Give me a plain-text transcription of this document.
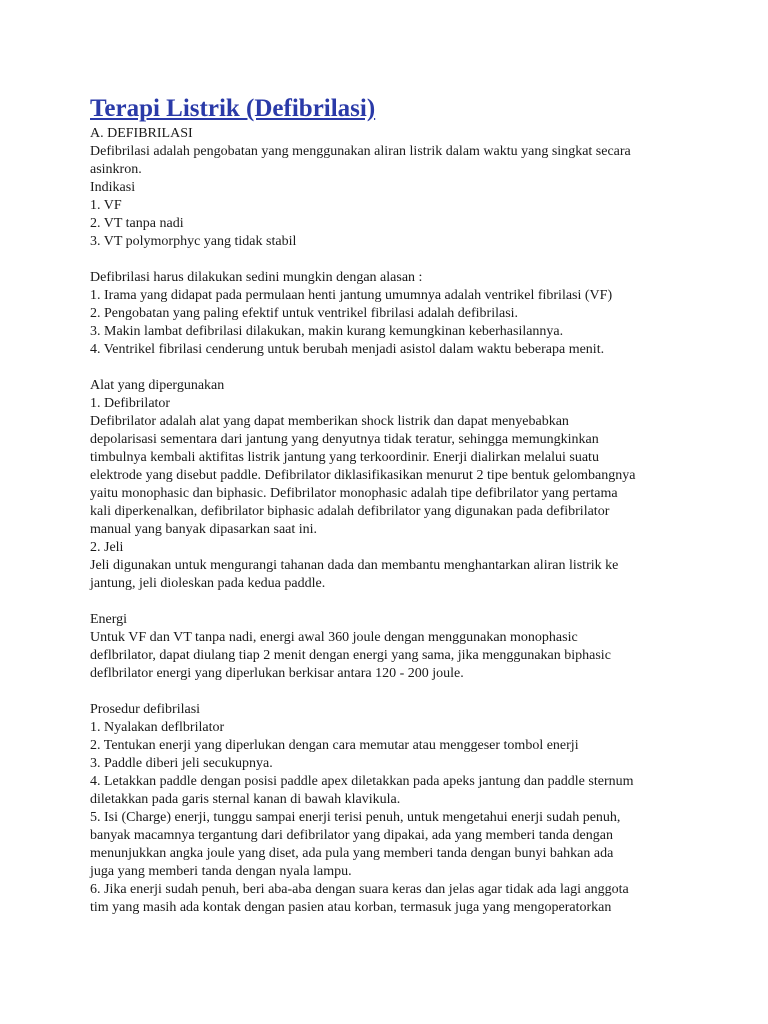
Terapi Listrik (Defibrilasi)
A. DEFIBRILASI
Defibrilasi adalah pengobatan yang menggunakan aliran listrik dalam waktu yang singkat secara
asinkron.
Indikasi
1. VF
2. VT tanpa nadi
3. VT polymorphyc yang tidak stabil
Defibrilasi harus dilakukan sedini mungkin dengan alasan :
1. Irama yang didapat pada permulaan henti jantung umumnya adalah ventrikel fibrilasi (VF)
2. Pengobatan yang paling efektif untuk ventrikel fibrilasi adalah defibrilasi.
3. Makin lambat defibrilasi dilakukan, makin kurang kemungkinan keberhasilannya.
4. Ventrikel fibrilasi cenderung untuk berubah menjadi asistol dalam waktu beberapa menit.
Alat yang dipergunakan
1. Defibrilator
Defibrilator adalah alat yang dapat memberikan shock listrik dan dapat menyebabkan
depolarisasi sementara dari jantung yang denyutnya tidak teratur, sehingga memungkinkan
timbulnya kembali aktifitas listrik jantung yang terkoordinir. Enerji dialirkan melalui suatu
elektrode yang disebut paddle. Defibrilator diklasifikasikan menurut 2 tipe bentuk gelombangnya
yaitu monophasic dan biphasic. Defibrilator monophasic adalah tipe defibrilator yang pertama
kali diperkenalkan, defibrilator biphasic adalah defibrilator yang digunakan pada defibrilator
manual yang banyak dipasarkan saat ini.
2. Jeli
Jeli digunakan untuk mengurangi tahanan dada dan membantu menghantarkan aliran listrik ke
jantung, jeli dioleskan pada kedua paddle.
Energi
Untuk VF dan VT tanpa nadi, energi awal 360 joule dengan menggunakan monophasic
deflbrilator, dapat diulang tiap 2 menit dengan energi yang sama, jika menggunakan biphasic
deflbrilator energi yang diperlukan berkisar antara 120 - 200 joule.
Prosedur defibrilasi
1. Nyalakan deflbrilator
2. Tentukan enerji yang diperlukan dengan cara memutar atau menggeser tombol enerji
3. Paddle diberi jeli secukupnya.
4. Letakkan paddle dengan posisi paddle apex diletakkan pada apeks jantung dan paddle sternum
diletakkan pada garis sternal kanan di bawah klavikula.
5. Isi (Charge) enerji, tunggu sampai enerji terisi penuh, untuk mengetahui enerji sudah penuh,
banyak macamnya tergantung dari defibrilator yang dipakai, ada yang memberi tanda dengan
menunjukkan angka joule yang diset, ada pula yang memberi tanda dengan bunyi bahkan ada
juga yang memberi tanda dengan nyala lampu.
6. Jika enerji sudah penuh, beri aba-aba dengan suara keras dan jelas agar tidak ada lagi anggota
tim yang masih ada kontak dengan pasien atau korban, termasuk juga yang mengoperatorkan
